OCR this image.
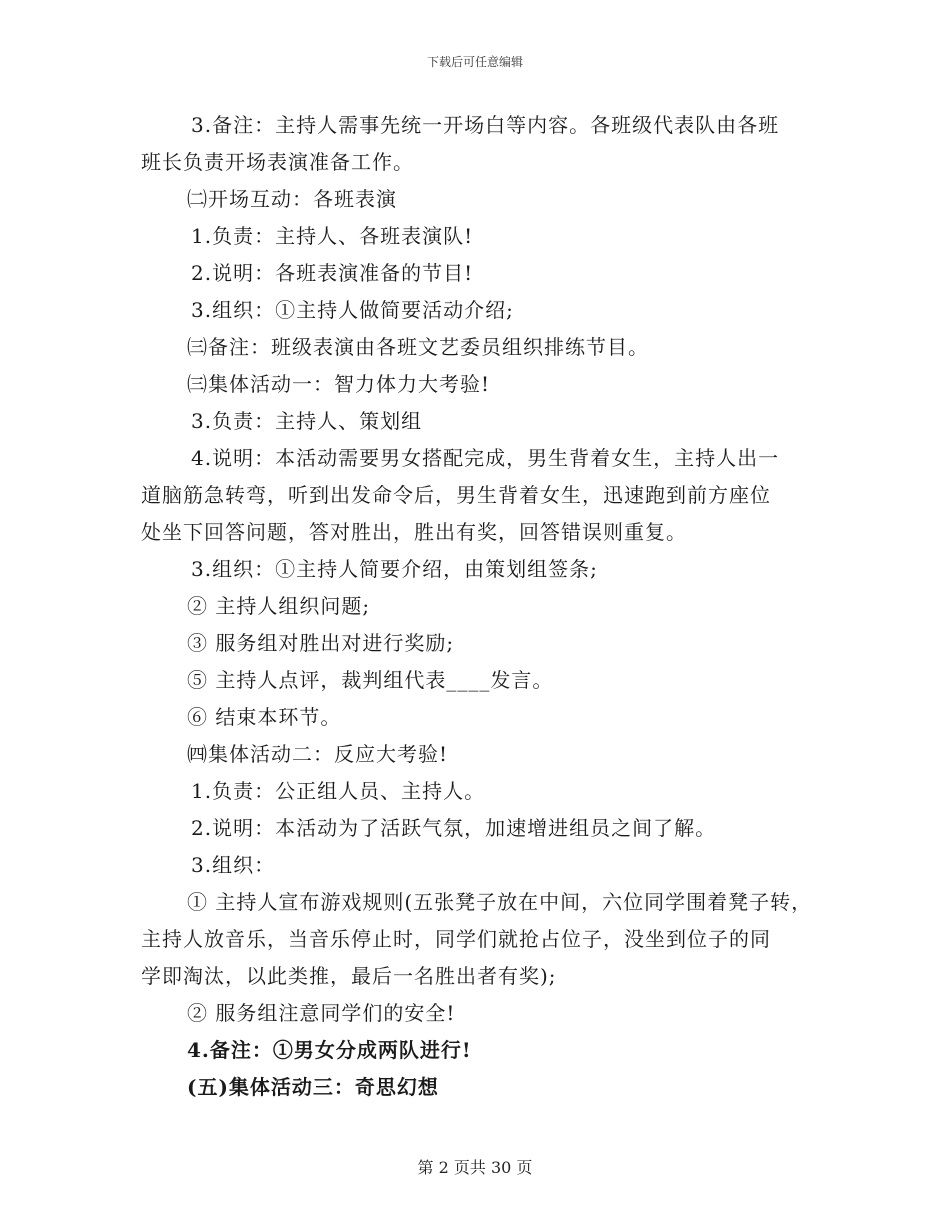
下载后可任意编辑
3.备注：主持人需事先统一开场白等内容。各班级代表队由各班
班长负责开场表演准备工作。
㈡开场互动：各班表演
1.负责：主持人、各班表演队!
2.说明：各班表演准备的节目!
3.组织：①主持人做简要活动介绍;
㈢备注：班级表演由各班文艺委员组织排练节目。
㈢集体活动一：智力体力大考验!
3.负责：主持人、策划组
4.说明：本活动需要男女搭配完成，男生背着女生，主持人出一
道脑筋急转弯，听到出发命令后，男生背着女生，迅速跑到前方座位
处坐下回答问题，答对胜出，胜出有奖，回答错误则重复。
3.组织：①主持人简要介绍，由策划组签条;
② 主持人组织问题;
③ 服务组对胜出对进行奖励;
⑤ 主持人点评，裁判组代表____发言。
⑥ 结束本环节。
㈣集体活动二：反应大考验!
1.负责：公正组人员、主持人。
2.说明：本活动为了活跃气氛，加速增进组员之间了解。
3.组织：
① 主持人宣布游戏规则(五张凳子放在中间，六位同学围着凳子转，
主持人放音乐，当音乐停止时，同学们就抢占位子，没坐到位子的同
学即淘汰，以此类推，最后一名胜出者有奖);
② 服务组注意同学们的安全!
4.备注：①男女分成两队进行!
(五)集体活动三：奇思幻想
第 2 页共 30 页
